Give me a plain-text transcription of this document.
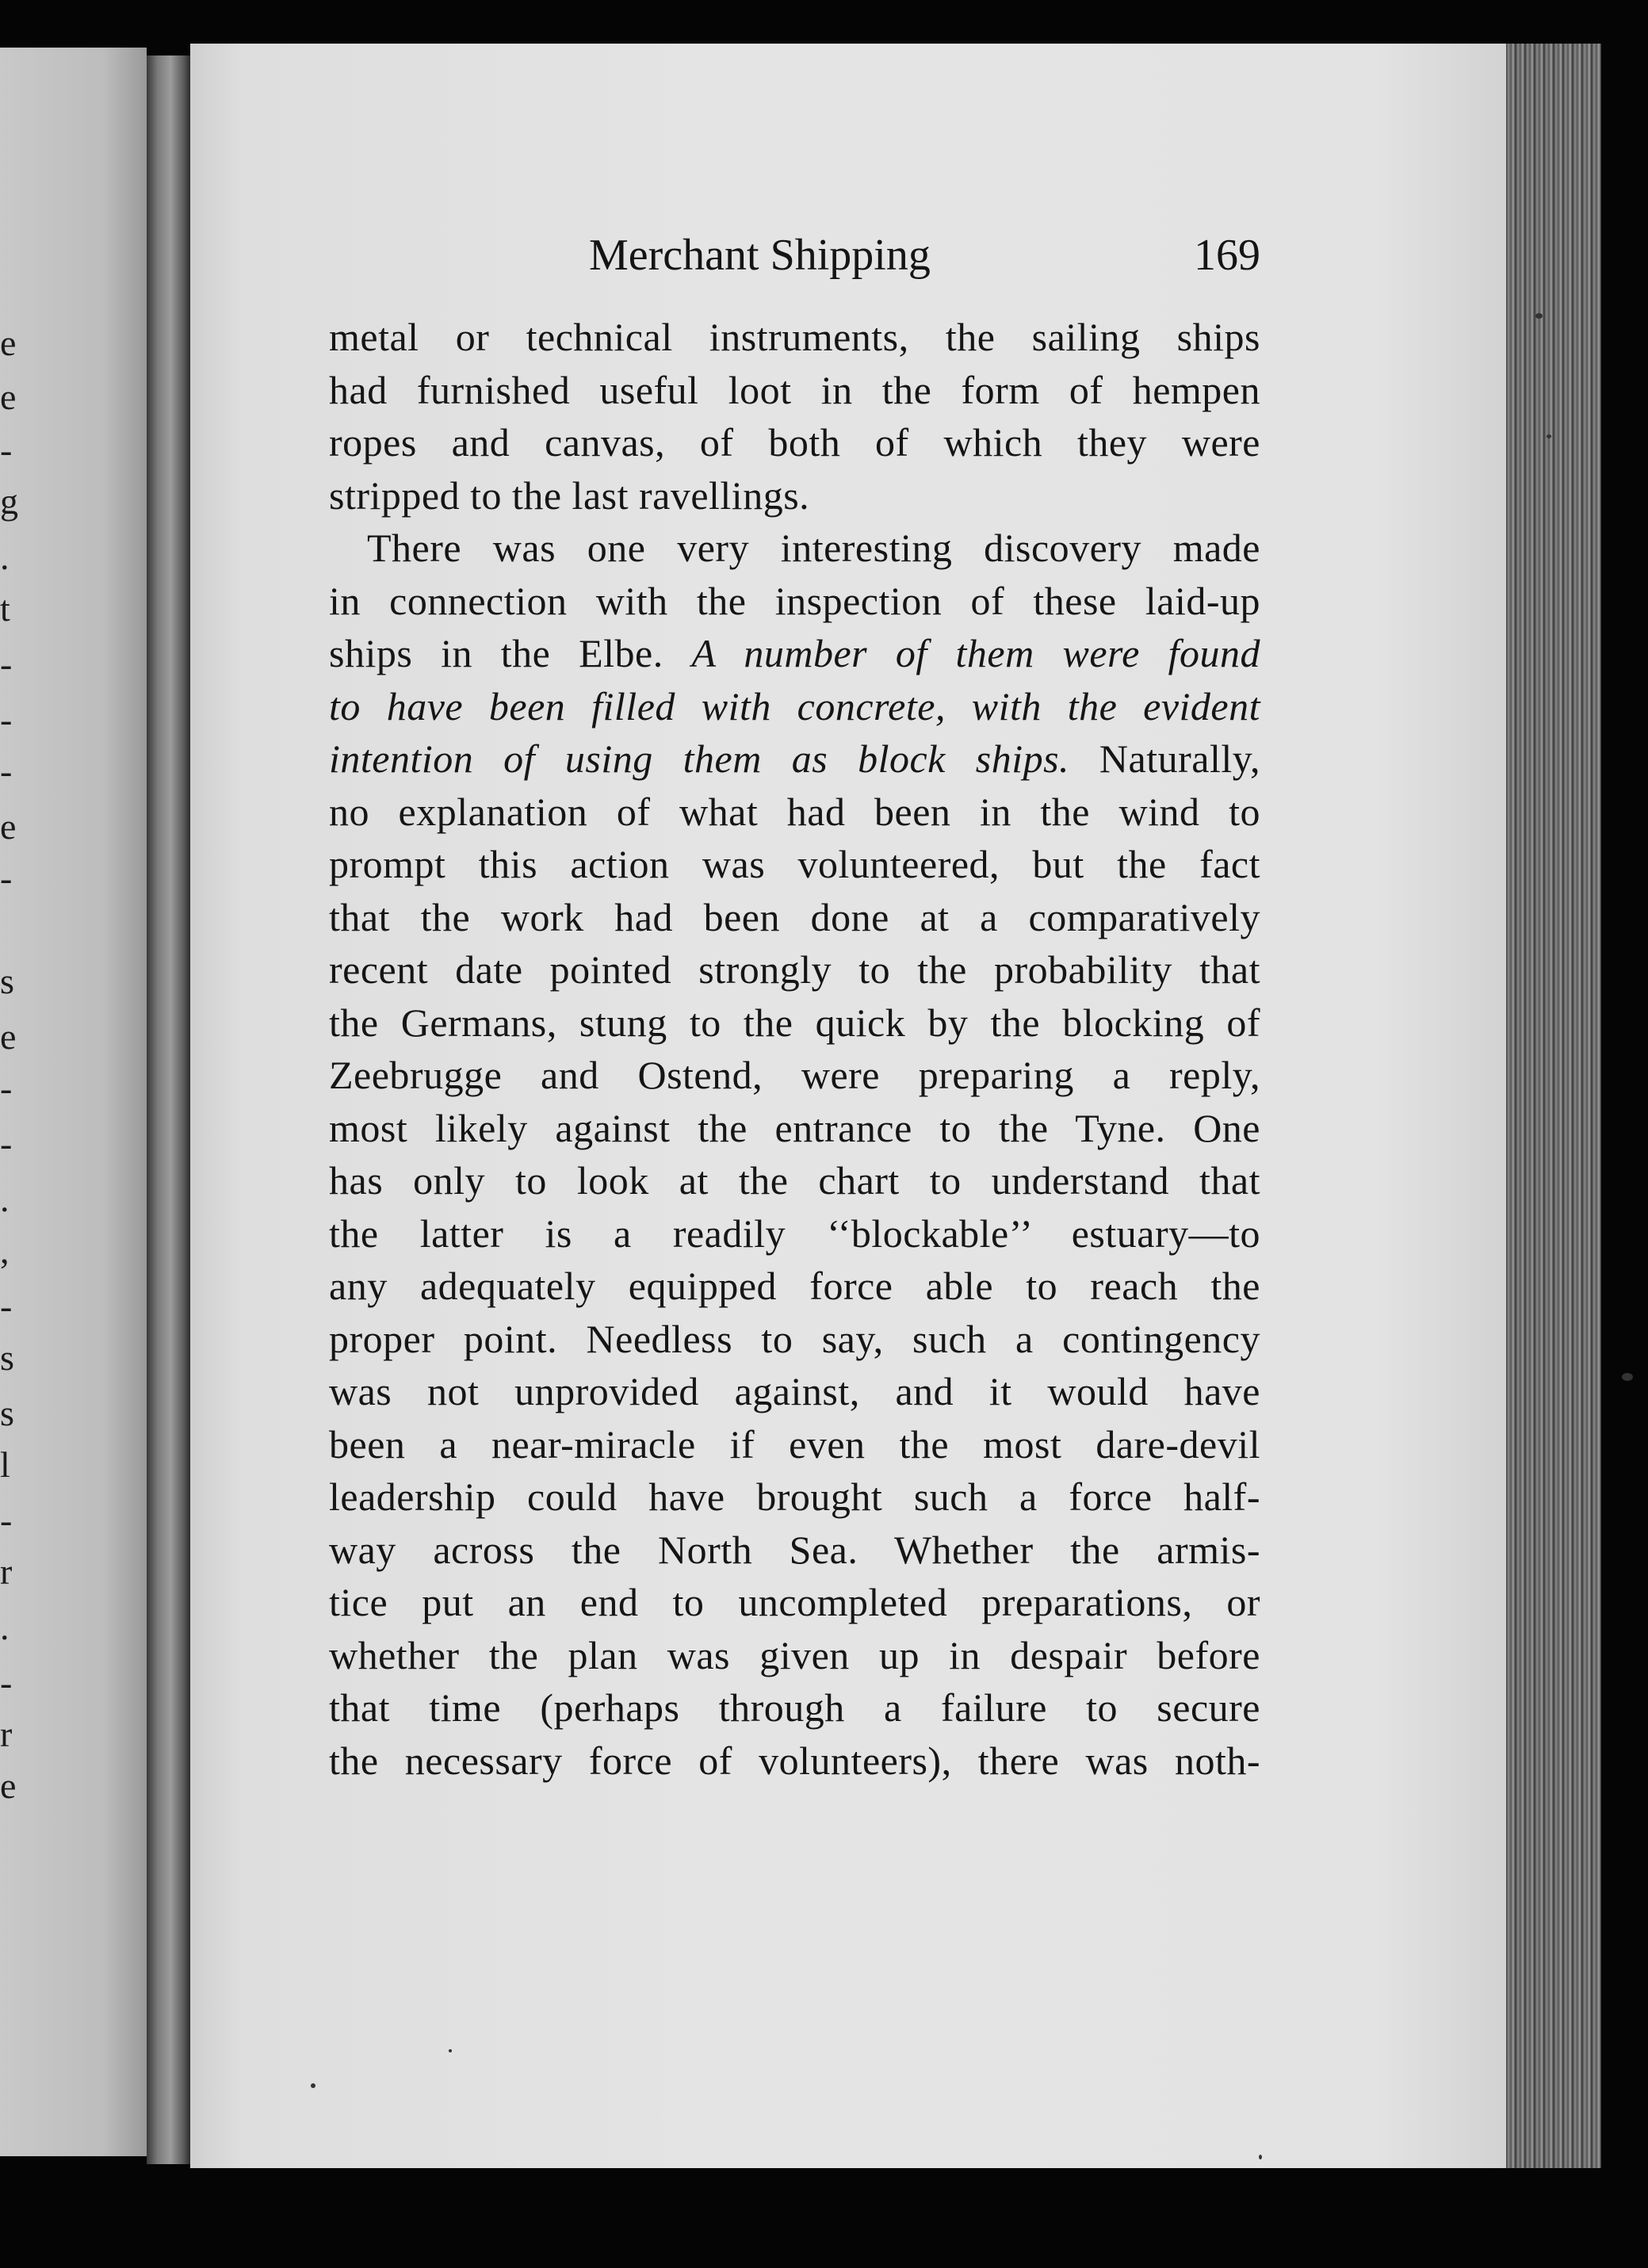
e
e
-
g
.
t
-
-
-
e
-
s
e
-
-
.
,
-
s
s
l
-
r
.
-
r
e
Merchant Shipping	169
metal or technical instruments, the sailing ships
had furnished useful loot in the form of hempen
ropes and canvas, of both of which they were
stripped to the last ravellings.
There was one very interesting discovery made
in connection with the inspection of these laid-up
ships in the Elbe. A number of them were found
to have been filled with concrete, with the evident
intention of using them as block ships. Naturally,
no explanation of what had been in the wind to
prompt this action was volunteered, but the fact
that the work had been done at a comparatively
recent date pointed strongly to the probability that
the Germans, stung to the quick by the blocking of
Zeebrugge and Ostend, were preparing a reply,
most likely against the entrance to the Tyne. One
has only to look at the chart to understand that
the latter is a readily ‘‘blockable’’ estuary—to
any adequately equipped force able to reach the
proper point. Needless to say, such a contingency
was not unprovided against, and it would have
been a near-miracle if even the most dare-devil
leadership could have brought such a force half-
way across the North Sea. Whether the armis-
tice put an end to uncompleted preparations, or
whether the plan was given up in despair before
that time (perhaps through a failure to secure
the necessary force of volunteers), there was noth-
